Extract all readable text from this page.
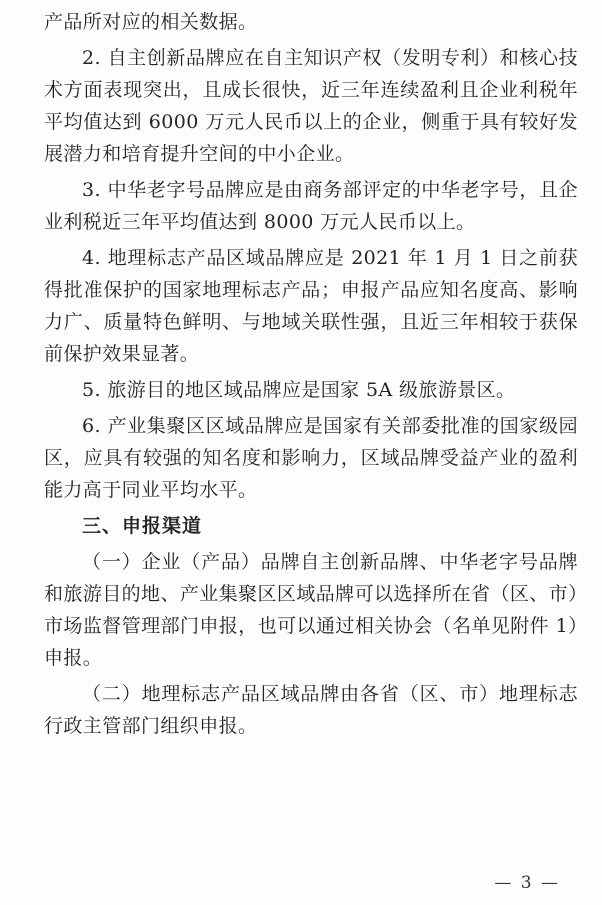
产品所对应的相关数据。

2. 自主创新品牌应在自主知识产权（发明专利）和核心技术方面表现突出，且成长很快，近三年连续盈利且企业利税年平均值达到 6000 万元人民币以上的企业，侧重于具有较好发展潜力和培育提升空间的中小企业。

3. 中华老字号品牌应是由商务部评定的中华老字号，且企业利税近三年平均值达到 8000 万元人民币以上。

4. 地理标志产品区域品牌应是 2021 年 1 月 1 日之前获得批准保护的国家地理标志产品；申报产品应知名度高、影响力广、质量特色鲜明、与地域关联性强，且近三年相较于获保前保护效果显著。

5. 旅游目的地区域品牌应是国家 5A 级旅游景区。

6. 产业集聚区区域品牌应是国家有关部委批准的国家级园区，应具有较强的知名度和影响力，区域品牌受益产业的盈利能力高于同业平均水平。

三、申报渠道

（一）企业（产品）品牌自主创新品牌、中华老字号品牌和旅游目的地、产业集聚区区域品牌可以选择所在省（区、市）市场监督管理部门申报，也可以通过相关协会（名单见附件 1）申报。

（二）地理标志产品区域品牌由各省（区、市）地理标志行政主管部门组织申报。

— 3 —
